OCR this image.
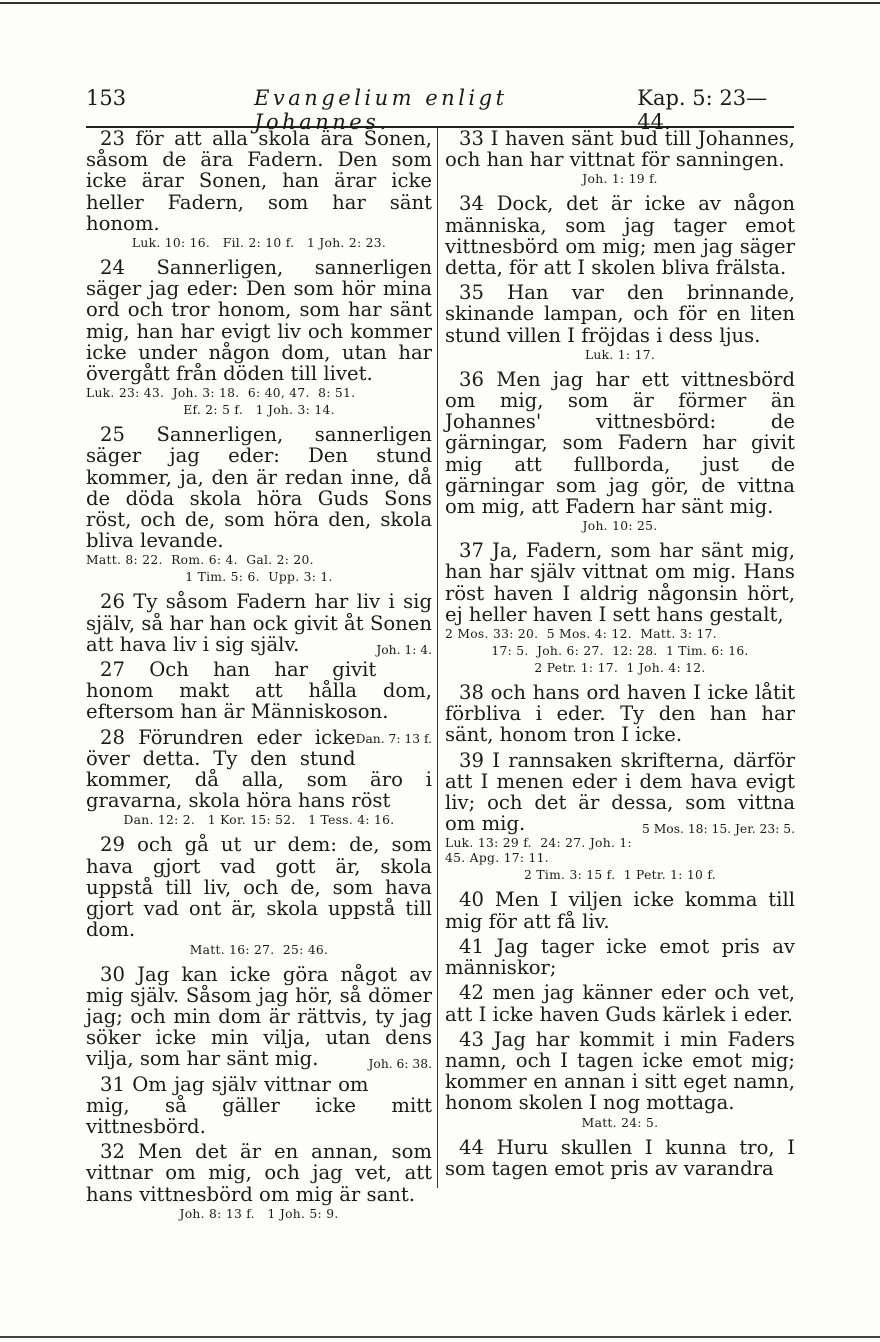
153	Evangelium enligt Johannes.
Kap. 5: 23—44.
23 för att alla skola ära Sonen, såsom de ära Fadern. Den som icke ärar Sonen, han ärar icke heller Fadern, som har sänt honom.
Luk. 10: 16.   Fil. 2: 10 f.   1 Joh. 2: 23.
24 Sannerligen, sannerligen säger jag eder: Den som hör mina ord och tror honom, som har sänt mig, han har evigt liv och kommer icke under någon dom, utan har övergått från döden till livet.
Luk. 23: 43.  Joh. 3: 18.  6: 40, 47.  8: 51.
Ef. 2: 5 f.   1 Joh. 3: 14.
25 Sannerligen, sannerligen säger jag eder: Den stund kommer, ja, den är redan inne, då de döda skola höra Guds Sons röst, och de, som höra den, skola bliva levande.
Matt. 8: 22.  Rom. 6: 4.  Gal. 2: 20.
1 Tim. 5: 6.  Upp. 3: 1.
26 Ty såsom Fadern har liv i sig själv, så har han ock givit åt Sonen att hava liv i sig själv.	Joh. 1: 4.
27 Och han har givit honom makt att hålla dom, eftersom han är Människoson.
Dan. 7: 13 f.
28 Förundren eder icke över detta. Ty den stund kommer, då alla, som äro i gravarna, skola höra hans röst
Dan. 12: 2.   1 Kor. 15: 52.   1 Tess. 4: 16.
29 och gå ut ur dem: de, som hava gjort vad gott är, skola uppstå till liv, och de, som hava gjort vad ont är, skola uppstå till dom.
Matt. 16: 27.  25: 46.
30 Jag kan icke göra något av mig själv. Såsom jag hör, så dömer jag; och min dom är rättvis, ty jag söker icke min vilja, utan dens vilja, som har sänt mig.	Joh. 6: 38.
31 Om jag själv vittnar om mig, så gäller icke mitt vittnesbörd.
32 Men det är en annan, som vittnar om mig, och jag vet, att hans vittnesbörd om mig är sant.
Joh. 8: 13 f.   1 Joh. 5: 9.
33 I haven sänt bud till Johannes, och han har vittnat för sanningen.
Joh. 1: 19 f.
34 Dock, det är icke av någon människa, som jag tager emot vittnesbörd om mig; men jag säger detta, för att I skolen bliva frälsta.
35 Han var den brinnande, skinande lampan, och för en liten stund villen I fröjdas i dess ljus.
Luk. 1: 17.
36 Men jag har ett vittnesbörd om mig, som är förmer än Johannes' vittnesbörd: de gärningar, som Fadern har givit mig att fullborda, just de gärningar som jag gör, de vittna om mig, att Fadern har sänt mig.
Joh. 10: 25.
37 Ja, Fadern, som har sänt mig, han har själv vittnat om mig. Hans röst haven I aldrig någonsin hört, ej heller haven I sett hans gestalt,
2 Mos. 33: 20.  5 Mos. 4: 12.  Matt. 3: 17.
17: 5.  Joh. 6: 27.  12: 28.  1 Tim. 6: 16.
2 Petr. 1: 17.  1 Joh. 4: 12.
38 och hans ord haven I icke låtit förbliva i eder. Ty den han har sänt, honom tron I icke.
39 I rannsaken skrifterna, därför att I menen eder i dem hava evigt liv; och det är dessa, som vittna om mig.	5 Mos. 18: 15. Jer. 23: 5.
Luk. 13: 29 f.  24: 27. Joh. 1: 45. Apg. 17: 11.
2 Tim. 3: 15 f.  1 Petr. 1: 10 f.
40 Men I viljen icke komma till mig för att få liv.
41 Jag tager icke emot pris av människor;
42 men jag känner eder och vet, att I icke haven Guds kärlek i eder.
43 Jag har kommit i min Faders namn, och I tagen icke emot mig; kommer en annan i sitt eget namn, honom skolen I nog mottaga.
Matt. 24: 5.
44 Huru skullen I kunna tro, I som tagen emot pris av varandra
